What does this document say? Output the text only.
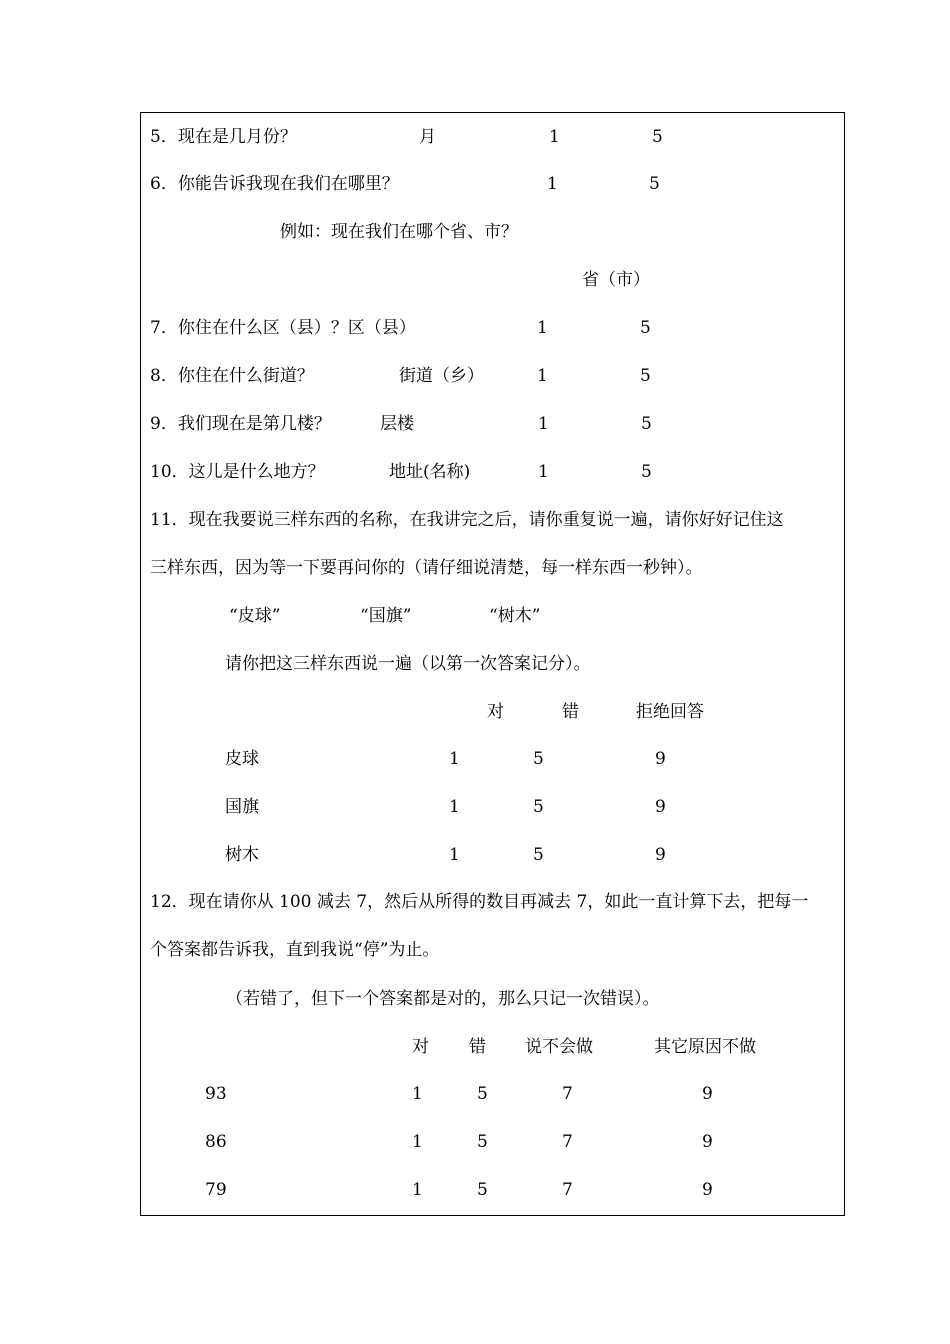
5．现在是几月份？	月	1	5
6．你能告诉我现在我们在哪里？	1	5
例如：现在我们在哪个省、市？
省（市）
7．你住在什么区（县）？区（县）	1	5
8．你住在什么街道？	街道（乡）	1	5
9．我们现在是第几楼？	层楼	1	5
10．这儿是什么地方？	地址(名称)	1	5
11．现在我要说三样东西的名称，在我讲完之后，请你重复说一遍，请你好好记住这
三样东西，因为等一下要再问你的（请仔细说清楚，每一样东西一秒钟）。
“皮球”	“国旗”	“树木”
请你把这三样东西说一遍（以第一次答案记分）。
对	错	拒绝回答
皮球	1	5	9
国旗	1	5	9
树木	1	5	9
12．现在请你从 100 减去 7，然后从所得的数目再减去 7，如此一直计算下去，把每一
个答案都告诉我，直到我说“停”为止。
（若错了，但下一个答案都是对的，那么只记一次错误）。
对 错 说不会做	其它原因不做
93	1	5	7	9
86	1	5	7	9
79	1	5	7	9
